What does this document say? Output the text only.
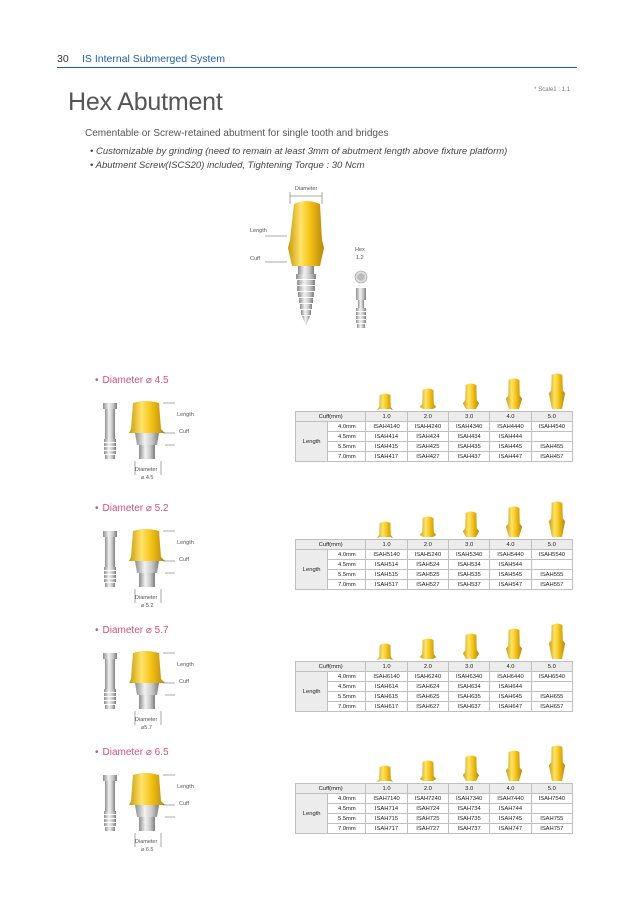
30 IS Internal Submerged System
* Scale1 : 1.1
Hex Abutment
Cementable or Screw-retained abutment for single tooth and bridges
• Customizable by grinding (need to remain at least 3mm of abutment length above fixture platform)
• Abutment Screw(ISCS20) included, Tightening Torque : 30 Ncm
Diameter
Length
Cuff
Hex
1.2
• Diameter ⌀ 4.5
Length
Cuff
Diameter
⌀ 4.5
Cuff(mm)		1.0	2.0	3.0	4.0	5.0
Length	4.0mm	ISAH4140	ISAH4240	ISAH4340	ISAH4440	ISAH4540
	4.5mm	ISAH414	ISAH424	ISAH434	ISAH444	
	5.5mm	ISAH415	ISAH425	ISAH435	ISAH445	ISAH455
	7.0mm	ISAH417	ISAH427	ISAH437	ISAH447	ISAH457
• Diameter ⌀ 5.2
Length
Cuff
Diameter
⌀ 5.2
Cuff(mm)		1.0	2.0	3.0	4.0	5.0
Length	4.0mm	ISAH5140	ISAH5240	ISAH5340	ISAH5440	ISAH5540
	4.5mm	ISAH514	ISAH524	ISAH534	ISAH544	
	5.5mm	ISAH515	ISAH525	ISAH535	ISAH545	ISAH555
	7.0mm	ISAH517	ISAH527	ISAH537	ISAH547	ISAH557
• Diameter ⌀ 5.7
Length
Cuff
Diameter
⌀5.7
Cuff(mm)		1.0	2.0	3.0	4.0	5.0
Length	4.0mm	ISAH6140	ISAH6240	ISAH6340	ISAH6440	ISAH6540
	4.5mm	ISAH614	ISAH624	ISAH634	ISAH644	
	5.5mm	ISAH615	ISAH625	ISAH635	ISAH645	ISAH655
	7.0mm	ISAH617	ISAH627	ISAH637	ISAH647	ISAH657
• Diameter ⌀ 6.5
Length
Cuff
Diameter
⌀ 6.5
Cuff(mm)		1.0	2.0	3.0	4.0	5.0
Length	4.0mm	ISAH7140	ISAH7240	ISAH7340	ISAH7440	ISAH7540
	4.5mm	ISAH714	ISAH724	ISAH734	ISAH744	
	5.5mm	ISAH715	ISAH725	ISAH735	ISAH745	ISAH755
	7.0mm	ISAH717	ISAH727	ISAH737	ISAH747	ISAH757
